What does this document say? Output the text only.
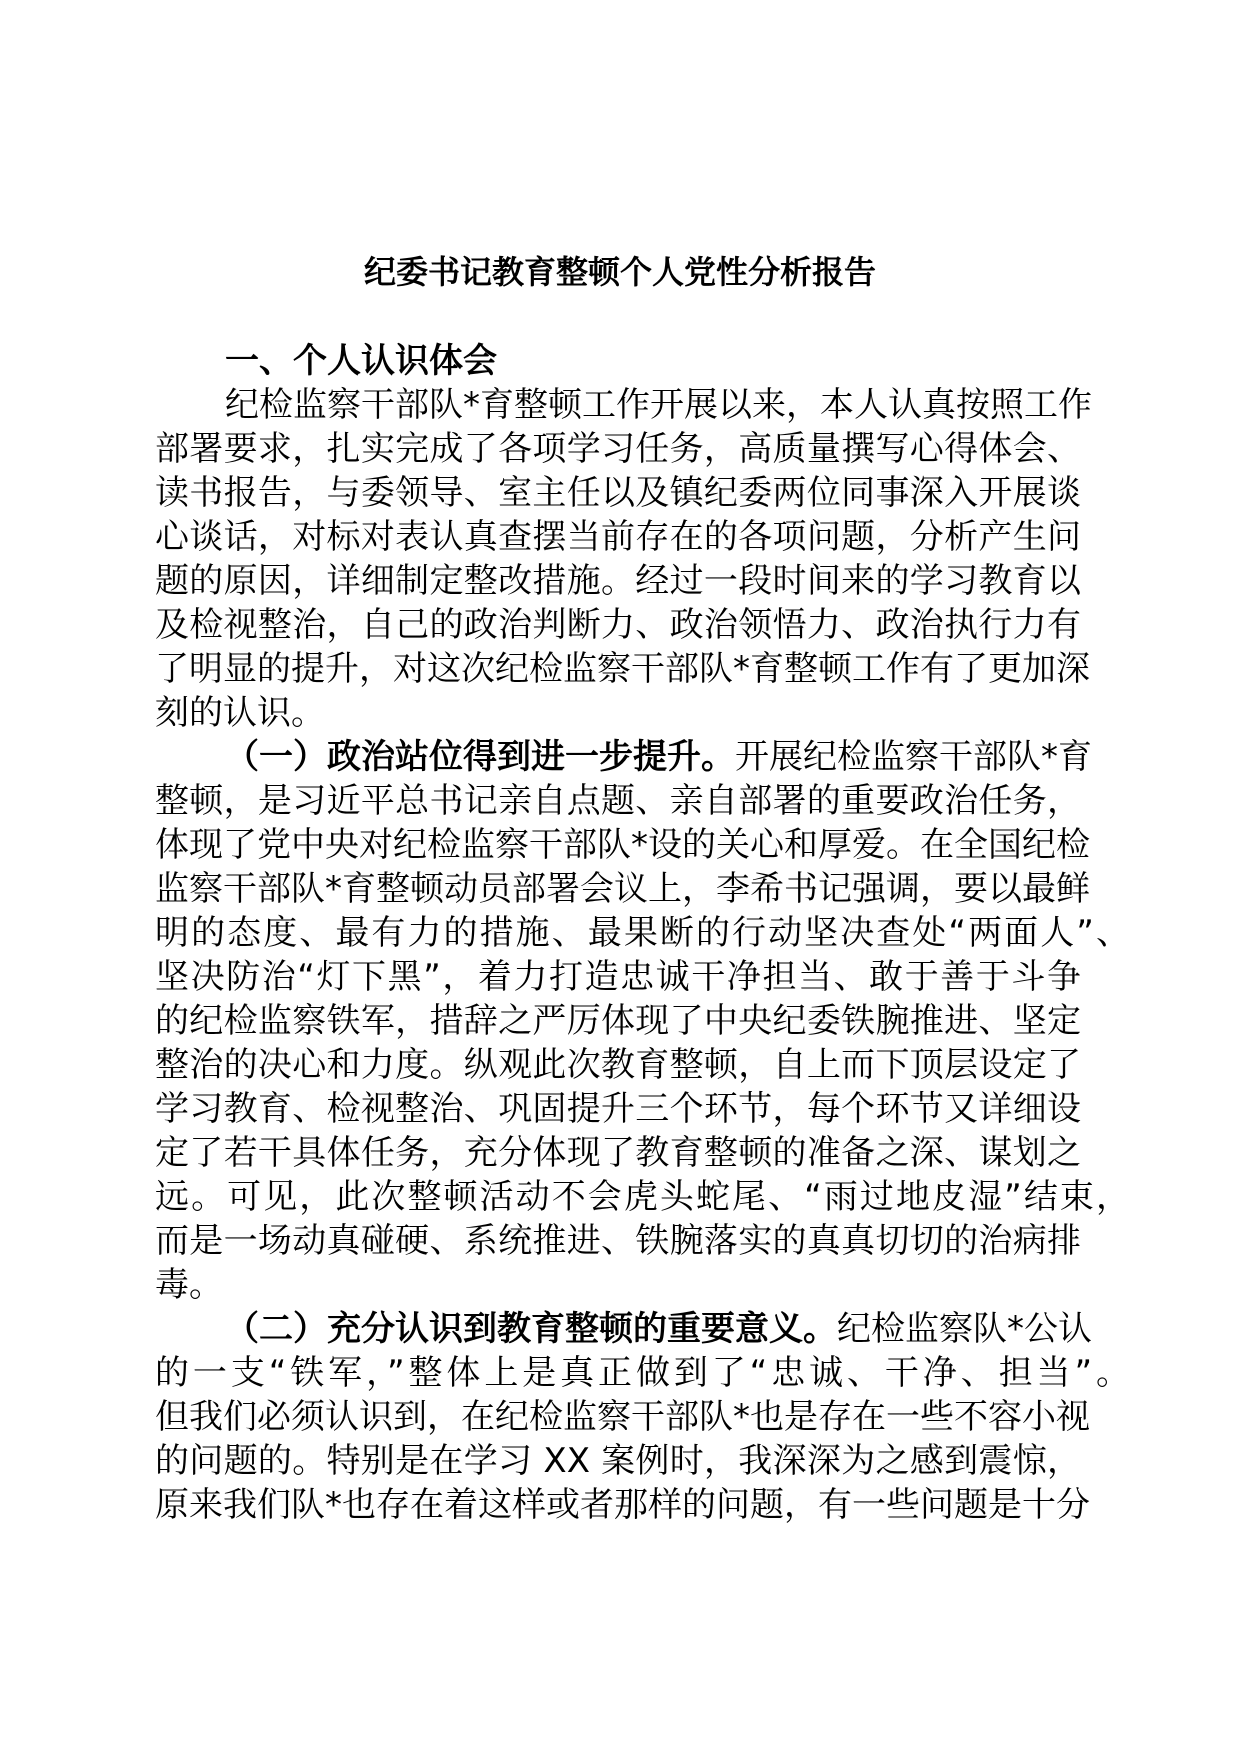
纪委书记教育整顿个人党性分析报告
一、个人认识体会
纪检监察干部队*育整顿工作开展以来，本人认真按照工作
部署要求，扎实完成了各项学习任务，高质量撰写心得体会、
读书报告，与委领导、室主任以及镇纪委两位同事深入开展谈
心谈话，对标对表认真查摆当前存在的各项问题，分析产生问
题的原因，详细制定整改措施。经过一段时间来的学习教育以
及检视整治，自己的政治判断力、政治领悟力、政治执行力有
了明显的提升，对这次纪检监察干部队*育整顿工作有了更加深
刻的认识。
（一）政治站位得到进一步提升。开展纪检监察干部队*育
整顿，是习近平总书记亲自点题、亲自部署的重要政治任务，
体现了党中央对纪检监察干部队*设的关心和厚爱。在全国纪检
监察干部队*育整顿动员部署会议上，李希书记强调，要以最鲜
明的态度、最有力的措施、最果断的行动坚决查处“两面人”、
坚决防治“灯下黑”，着力打造忠诚干净担当、敢于善于斗争
的纪检监察铁军，措辞之严厉体现了中央纪委铁腕推进、坚定
整治的决心和力度。纵观此次教育整顿，自上而下顶层设定了
学习教育、检视整治、巩固提升三个环节，每个环节又详细设
定了若干具体任务，充分体现了教育整顿的准备之深、谋划之
远。可见，此次整顿活动不会虎头蛇尾、“雨过地皮湿”结束，
而是一场动真碰硬、系统推进、铁腕落实的真真切切的治病排
毒。
（二）充分认识到教育整顿的重要意义。纪检监察队*公认
的一支“铁军，”整体上是真正做到了“忠诚、干净、担当”。
但我们必须认识到，在纪检监察干部队*也是存在一些不容小视
的问题的。特别是在学习 XX 案例时，我深深为之感到震惊，
原来我们队*也存在着这样或者那样的问题，有一些问题是十分
